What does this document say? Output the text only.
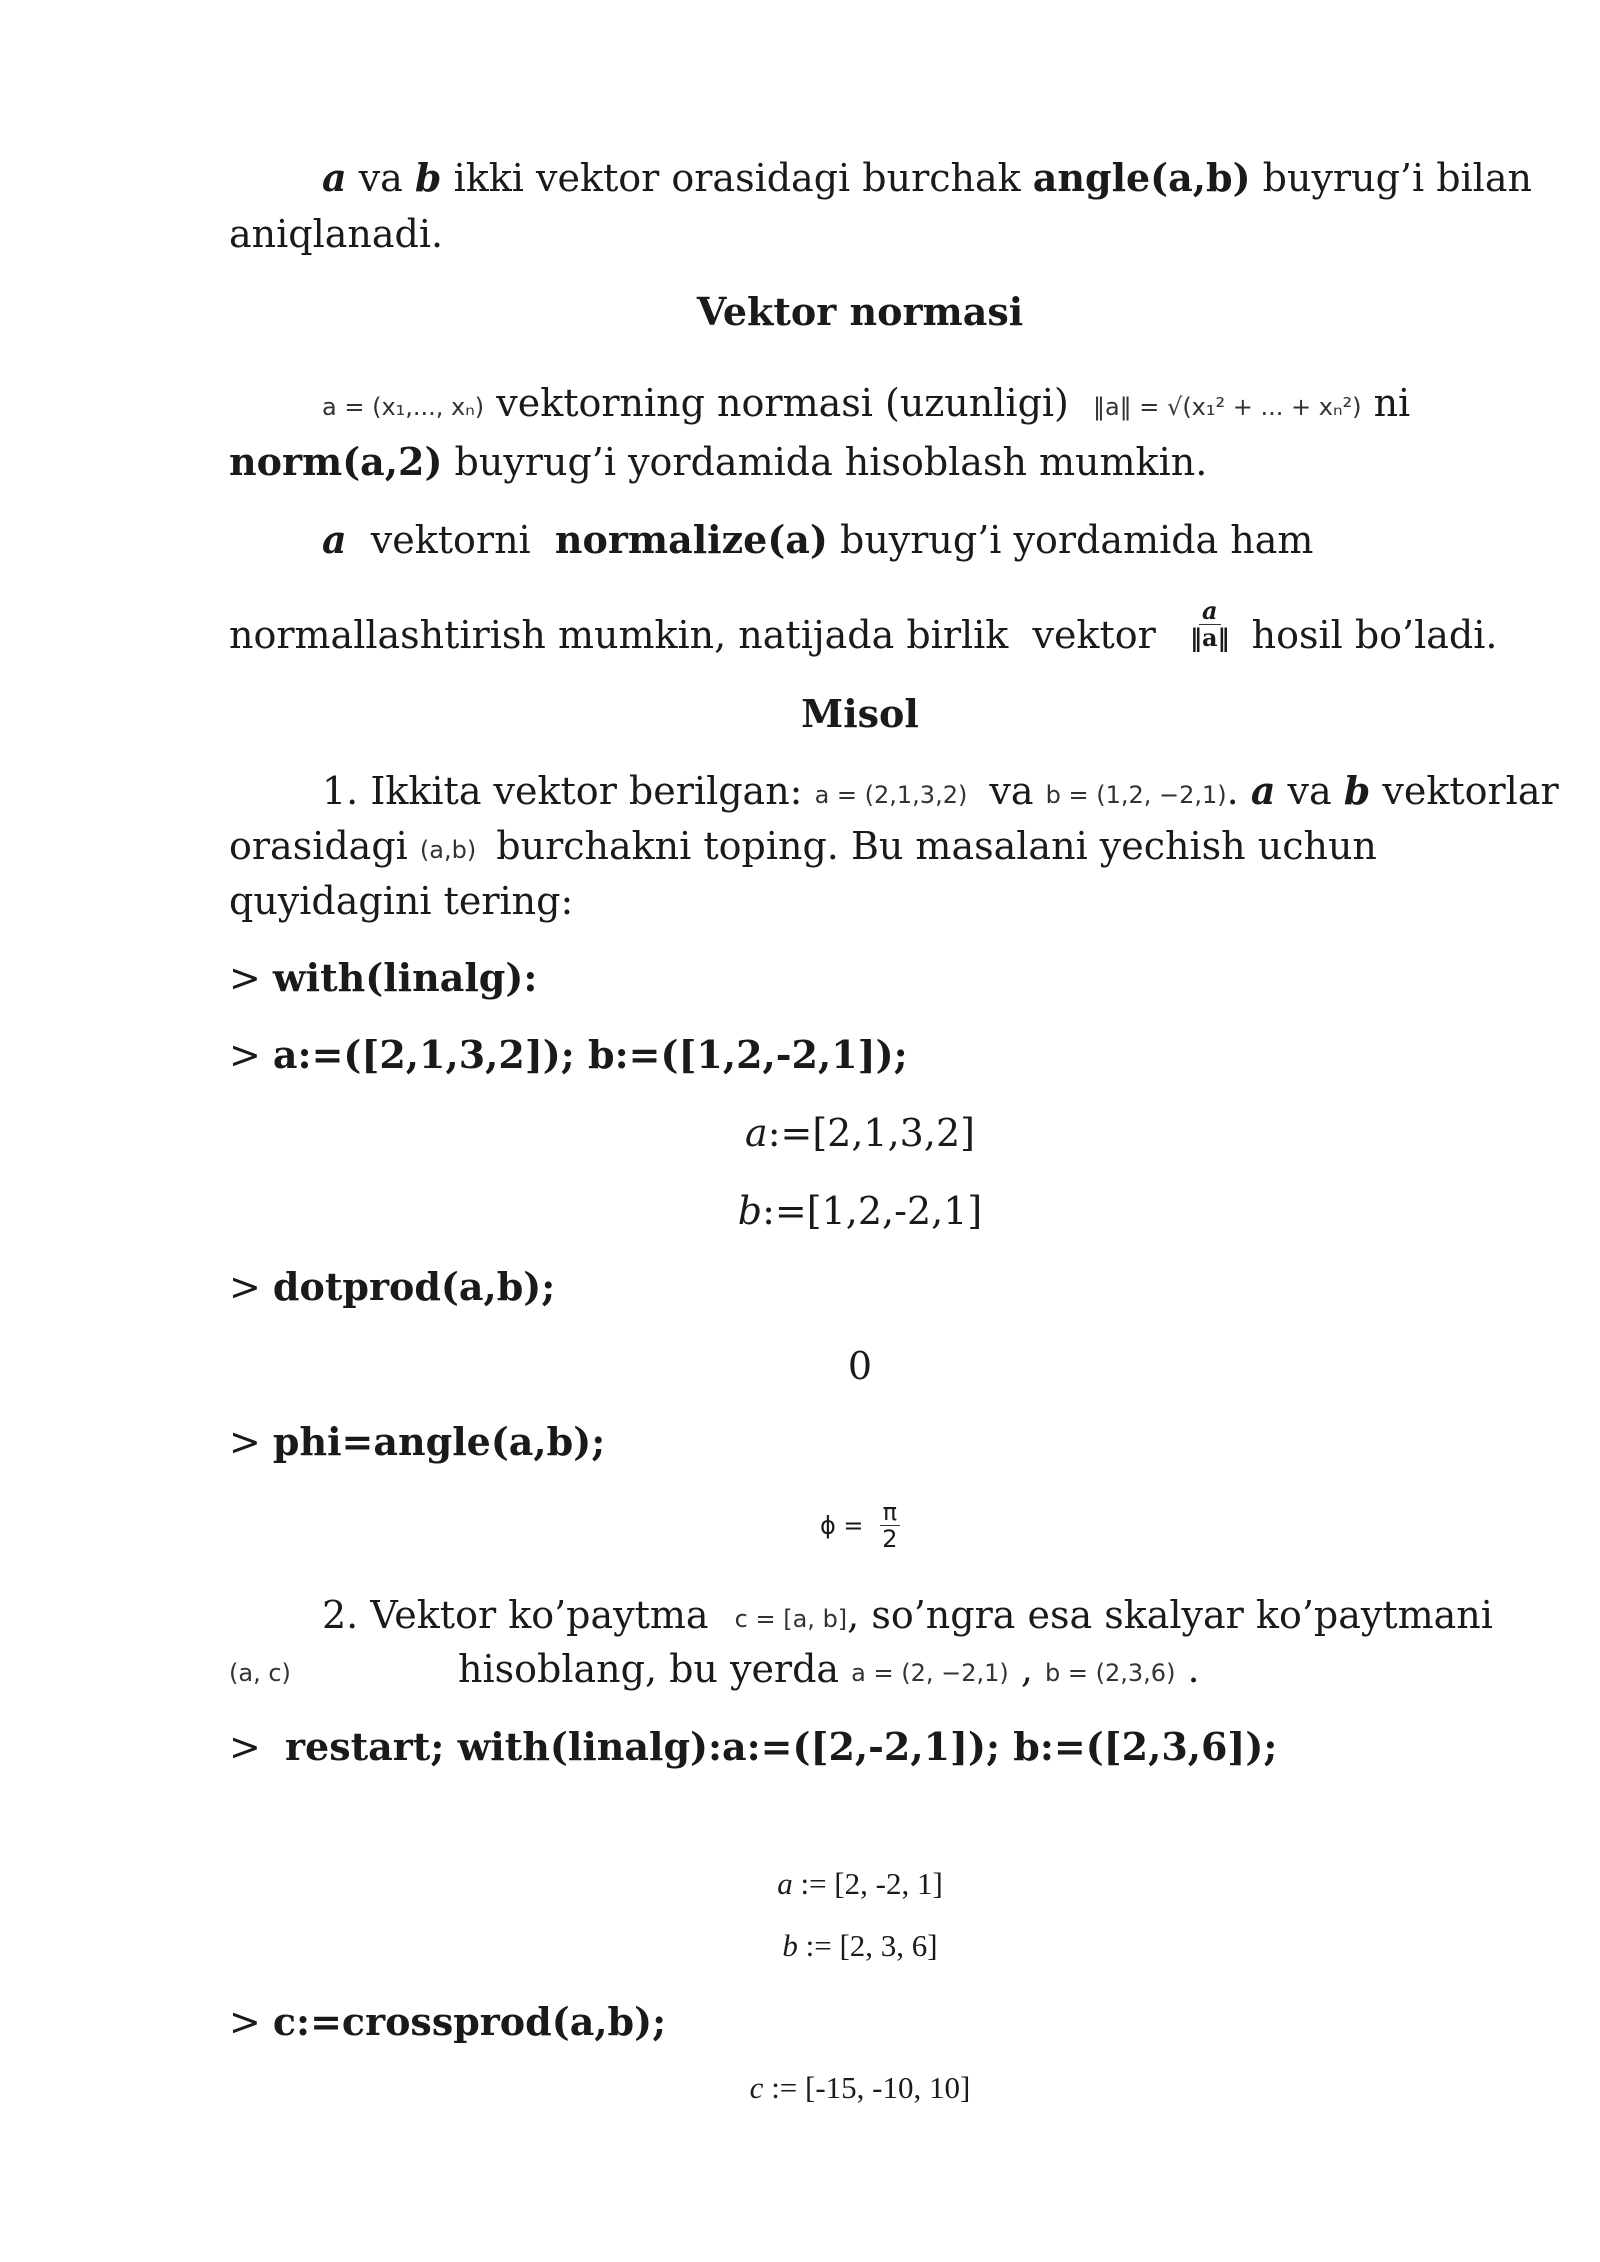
a va b ikki vektor orasidagi burchak angle(a,b) buyrug’i bilan
aniqlanadi.
Vektor normasi
a = (x₁,..., xₙ) vektorning normasi (uzunligi) ‖a‖ = √(x₁² + ... + xₙ²) ni
norm(a,2) buyrug’i yordamida hisoblash mumkin.
a  vektorni  normalize(a) buyrug’i yordamida ham
normallashtirish mumkin, natijada birlik  vektor $\frac{a}{‖a‖}$ hosil bo’ladi.
Misol
1. Ikkita vektor berilgan: a = (2,1,3,2) va b = (1,2, −2,1). a va b vektorlar
orasidagi (a,b) burchakni toping. Bu masalani yechish uchun
quyidagini tering:
> with(linalg):
> a:=([2,1,3,2]); b:=([1,2,-2,1]);
a:=[2,1,3,2]
b:=[1,2,-2,1]
> dotprod(a,b);
0
> phi=angle(a,b);
$\phi = \frac{\pi}{2}$
2. Vektor ko’paytma c = [a, b], so’ngra esa skalyar ko’paytmani
(a, c)	hisoblang, bu yerda a = (2, −2,1) , b = (2,3,6) .
>  restart; with(linalg):a:=([2,-2,1]); b:=([2,3,6]);
a := [2, -2, 1]
b := [2, 3, 6]
> c:=crossprod(a,b);
c := [-15, -10, 10]
